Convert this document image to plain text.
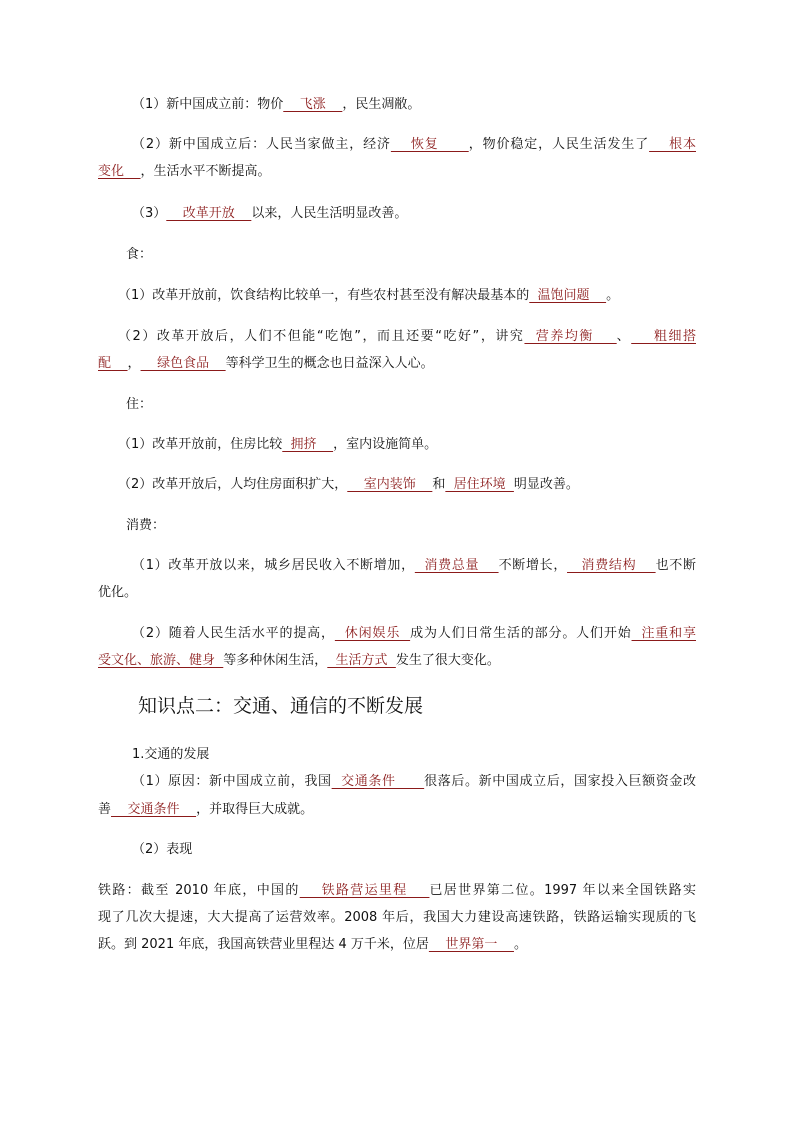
（1）新中国成立前：物价    飞涨    ，民生凋敝。
（2）新中国成立后：人民当家做主，经济    恢复      ，物价稳定，人民生活发生了    根本
变化 ，生活水平不断提高。
（3）    改革开放    以来，人民生活明显改善。
食：
（1）改革开放前，饮食结构比较单一，有些农村甚至没有解决最基本的  温饱问题    。
（2）改革开放后，人们不但能“吃饱”，而且还要“吃好”，讲究  营养均衡    、    粗细搭
配 ，    绿色食品    等科学卫生的概念也日益深入人心。
住：
（1）改革开放前，住房比较  拥挤    ，室内设施简单。
（2）改革开放后，人均住房面积扩大，    室内装饰    和  居住环境  明显改善。
消费：
（1）改革开放以来，城乡居民收入不断增加，  消费总量    不断增长，   消费结构    也不断
优化。
（2）随着人民生活水平的提高，  休闲娱乐  成为人们日常生活的部分。人们开始  注重和享
受文化、旅游、健身 等多种休闲生活，  生活方式  发生了很大变化。
知识点二：交通、通信的不断发展
1.交通的发展
（1）原因：新中国成立前，我国  交通条件      很落后。新中国成立后，国家投入巨额资金改
善    交通条件    ，并取得巨大成就。
（2）表现
铁路：截至 2010 年底，中国的    铁路营运里程    已居世界第二位。1997 年以来全国铁路实
现了几次大提速，大大提高了运营效率。2008 年后，我国大力建设高速铁路，铁路运输实现质的飞
跃。到 2021 年底，我国高铁营业里程达 4 万千米，位居    世界第一    。
